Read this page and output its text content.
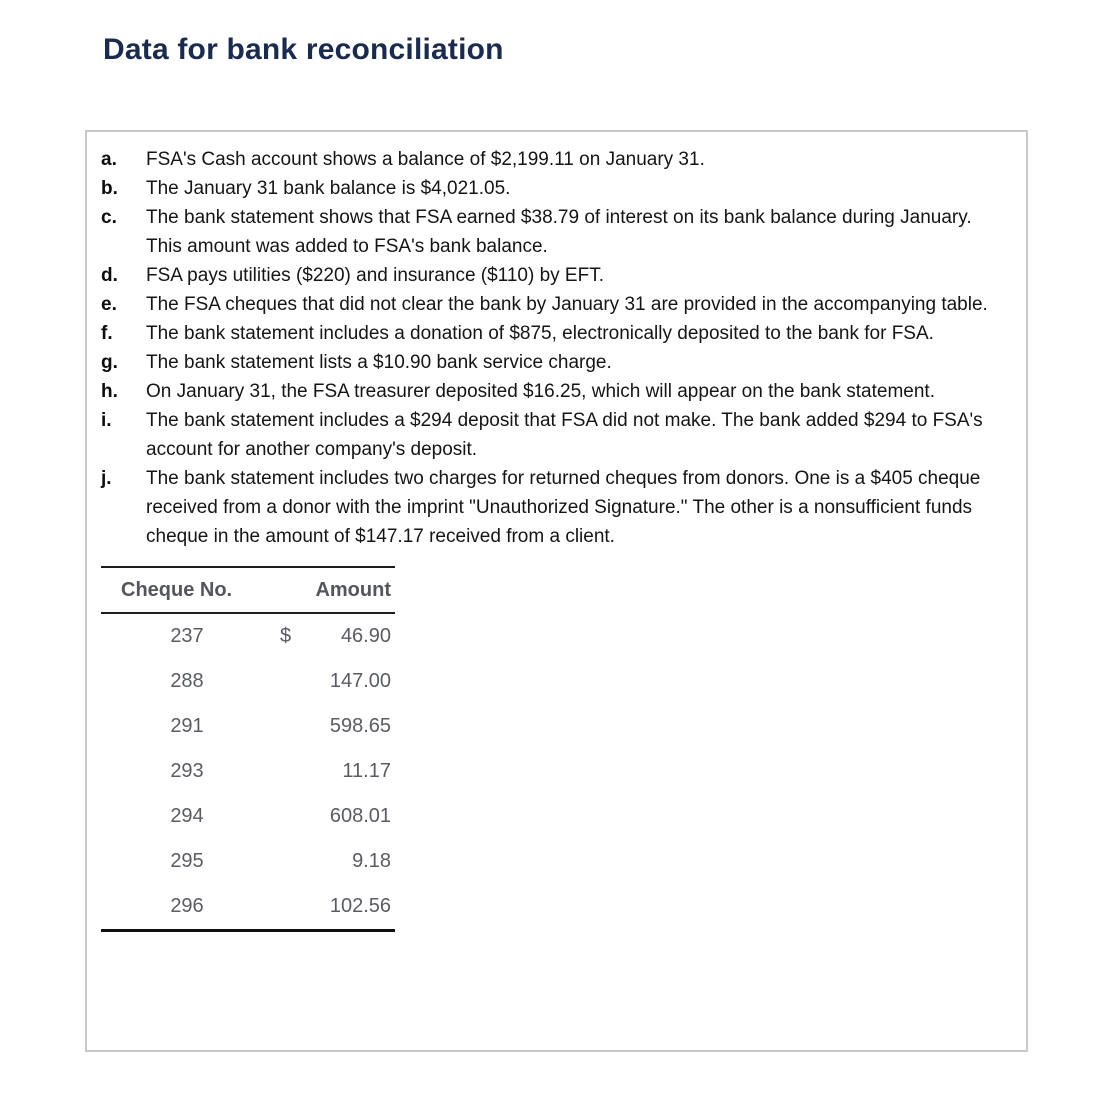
Data for bank reconciliation
a.	FSA's Cash account shows a balance of $2,199.11 on January 31.
b.	The January 31 bank balance is $4,021.05.
c.	The bank statement shows that FSA earned $38.79 of interest on its bank balance during January. This amount was added to FSA's bank balance.
d.	FSA pays utilities ($220) and insurance ($110) by EFT.
e.	The FSA cheques that did not clear the bank by January 31 are provided in the accompanying table.
f.	The bank statement includes a donation of $875, electronically deposited to the bank for FSA.
g.	The bank statement lists a $10.90 bank service charge.
h.	On January 31, the FSA treasurer deposited $16.25, which will appear on the bank statement.
i.	The bank statement includes a $294 deposit that FSA did not make. The bank added $294 to FSA's account for another company's deposit.
j.	The bank statement includes two charges for returned cheques from donors. One is a $405 cheque received from a donor with the imprint "Unauthorized Signature." The other is a nonsufficient funds cheque in the amount of $147.17 received from a client.
Cheque No.	Amount
237	$ 46.90
288	147.00
291	598.65
293	11.17
294	608.01
295	9.18
296	102.56
